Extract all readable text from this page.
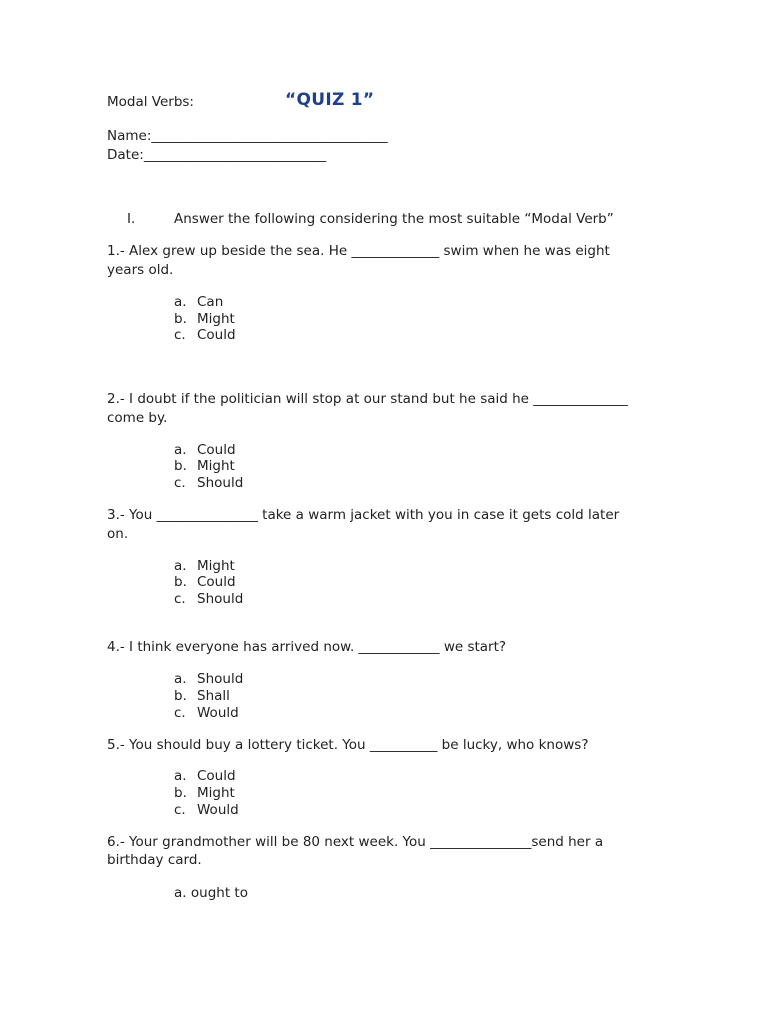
Modal Verbs:	“QUIZ 1”
Name:___________________________________
Date:___________________________
I.	Answer the following considering the most suitable “Modal Verb”
1.- Alex grew up beside the sea. He _____________ swim when he was eight
years old.
a. Can
b. Might
c. Could
2.- I doubt if the politician will stop at our stand but he said he ______________
come by.
a. Could
b. Might
c. Should
3.- You _______________ take a warm jacket with you in case it gets cold later
on.
a. Might
b. Could
c. Should
4.- I think everyone has arrived now. ____________ we start?
a. Should
b. Shall
c. Would
5.- You should buy a lottery ticket. You __________ be lucky, who knows?
a. Could
b. Might
c. Would
6.- Your grandmother will be 80 next week. You _______________send her a
birthday card.
a. ought to
